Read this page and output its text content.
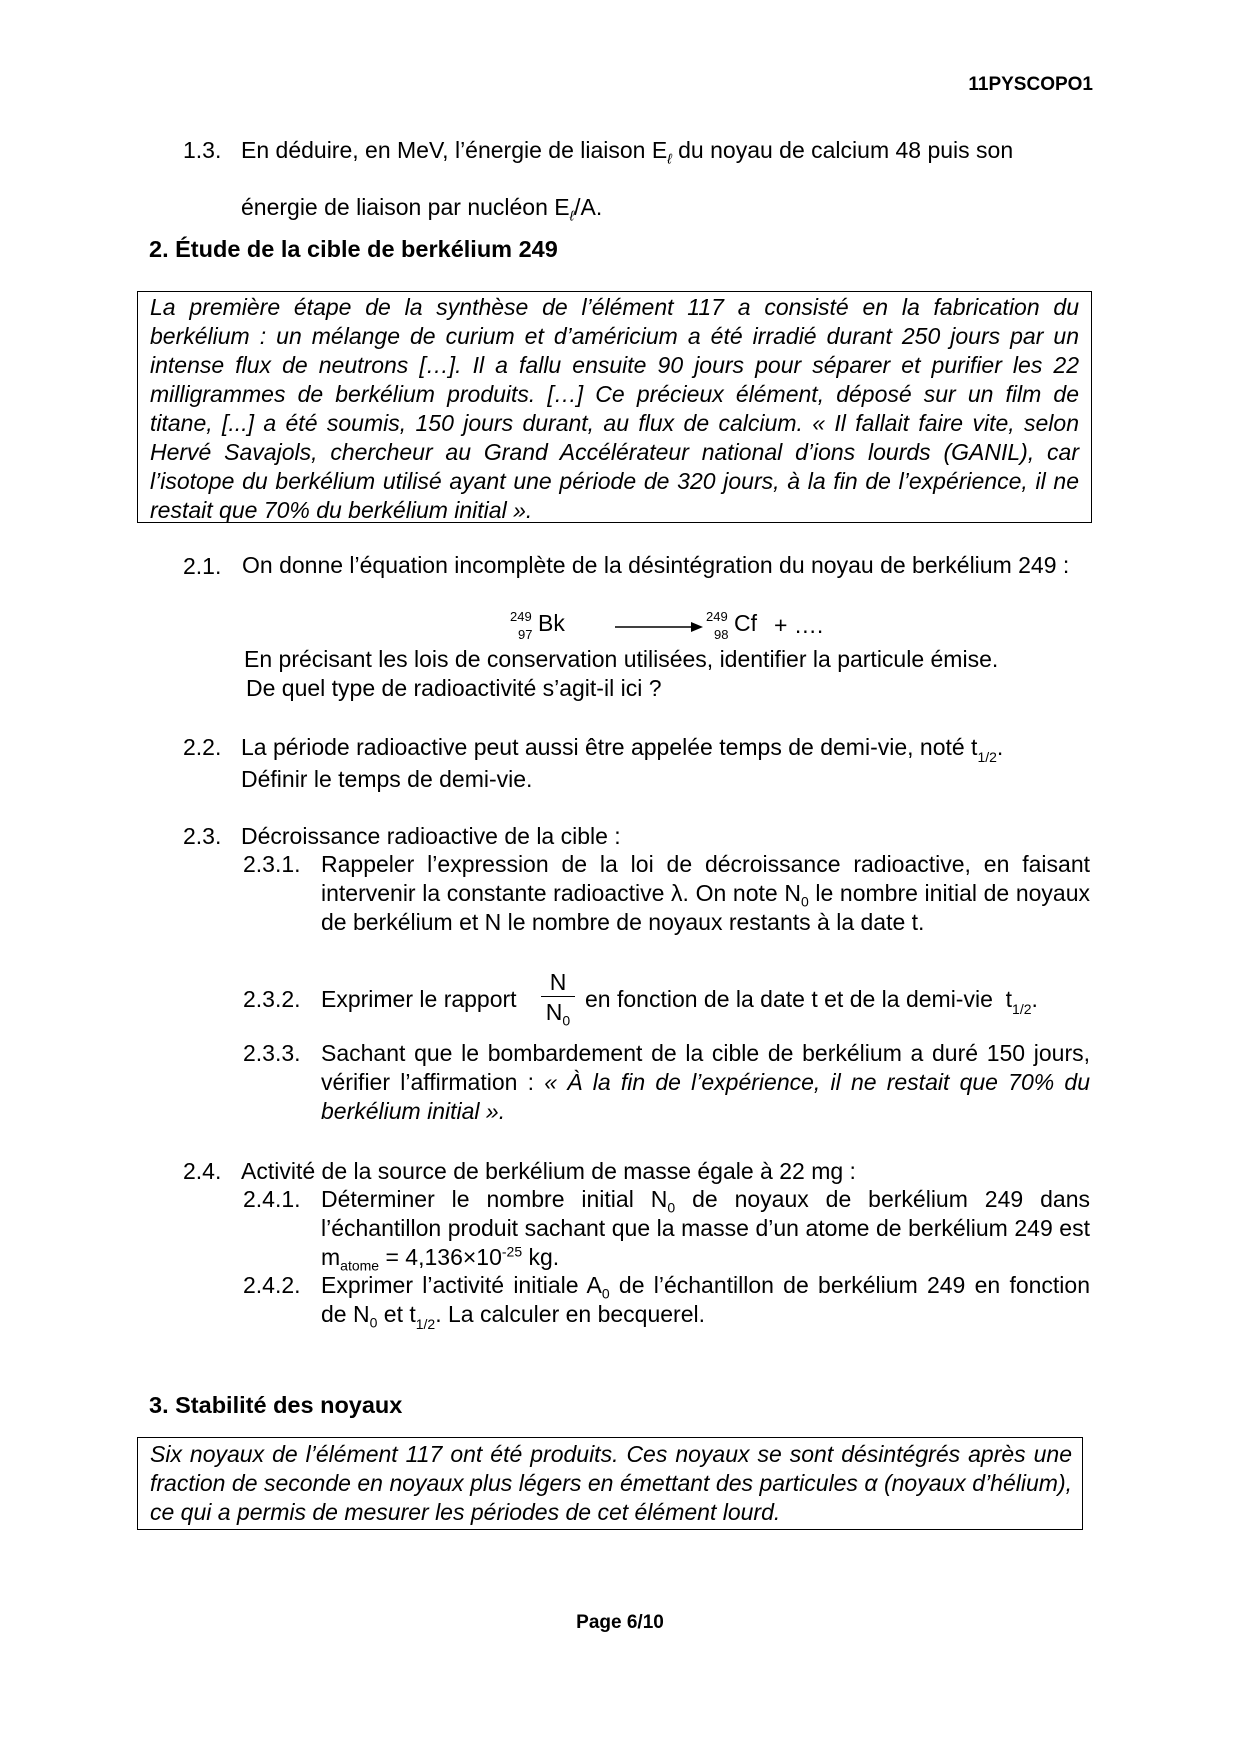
11PYSCOPO1
1.3. En déduire, en MeV, l’énergie de liaison $E_\ell$ du noyau de calcium 48 puis son
énergie de liaison par nucléon $E_\ell/A$.
2. Étude de la cible de berkélium 249
La première étape de la synthèse de l’élément 117 a consisté en la fabrication du berkélium : un mélange de curium et d’américium a été irradié durant 250 jours par un intense flux de neutrons […]. Il a fallu ensuite 90 jours pour séparer et purifier les 22 milligrammes de berkélium produits. […] Ce précieux élément, déposé sur un film de titane, [...] a été soumis, 150 jours durant, au flux de calcium. « Il fallait faire vite, selon Hervé Savajols, chercheur au Grand Accélérateur national d’ions lourds (GANIL), car l’isotope du berkélium utilisé ayant une période de 320 jours, à la fin de l’expérience, il ne restait que 70% du berkélium initial ».
2.1. On donne l’équation incomplète de la désintégration du noyau de berkélium 249 :
249
97 Bk	249
98 Cf + ….
En précisant les lois de conservation utilisées, identifier la particule émise.
De quel type de radioactivité s’agit-il ici ?
2.2. La période radioactive peut aussi être appelée temps de demi-vie, noté $t_{1/2}$.
Définir le temps de demi-vie.
2.3. Décroissance radioactive de la cible :
2.3.1. Rappeler l’expression de la loi de décroissance radioactive, en faisant intervenir la constante radioactive λ. On note $N_0$ le nombre initial de noyaux de berkélium et N le nombre de noyaux restants à la date t.
2.3.2. Exprimer le rapport $\frac{N}{N_0}$ en fonction de la date t et de la demi-vie $t_{1/2}$.
2.3.3. Sachant que le bombardement de la cible de berkélium a duré 150 jours, vérifier l’affirmation : « À la fin de l’expérience, il ne restait que 70% du berkélium initial ».
2.4. Activité de la source de berkélium de masse égale à 22 mg :
2.4.1. Déterminer le nombre initial $N_0$ de noyaux de berkélium 249 dans l’échantillon produit sachant que la masse d’un atome de berkélium 249 est $m_{atome} = 4,136\times 10^{-25}$ kg.
2.4.2. Exprimer l’activité initiale $A_0$ de l’échantillon de berkélium 249 en fonction de $N_0$ et $t_{1/2}$. La calculer en becquerel.
3. Stabilité des noyaux
Six noyaux de l’élément 117 ont été produits. Ces noyaux se sont désintégrés après une fraction de seconde en noyaux plus légers en émettant des particules α (noyaux d’hélium), ce qui a permis de mesurer les périodes de cet élément lourd.
Page 6/10
